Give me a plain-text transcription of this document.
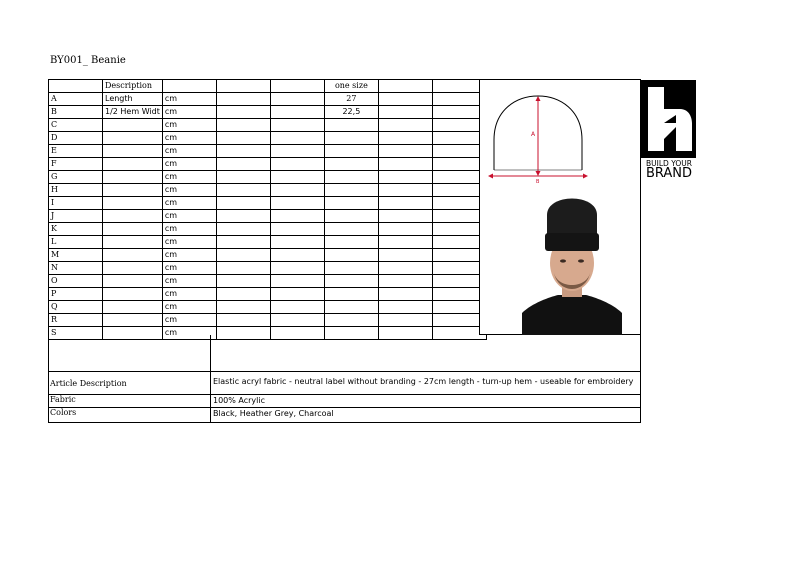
BY001_ Beanie
	Description				one size		
A	Length	cm			27		
B	1/2 Hem Widt	cm			22,5		
C		cm					
D		cm					
E		cm					
F		cm					
G		cm					
H		cm					
I		cm					
J		cm					
K		cm					
L		cm					
M		cm					
N		cm					
O		cm					
P		cm					
Q		cm					
R		cm					
S		cm					

A
B
Article Description	Elastic acryl fabric - neutral label without branding - 27cm length - turn-up hem - useable for embroidery
Fabric	100% Acrylic
Colors	Black, Heather Grey, Charcoal
BUILD YOUR
BRAND
